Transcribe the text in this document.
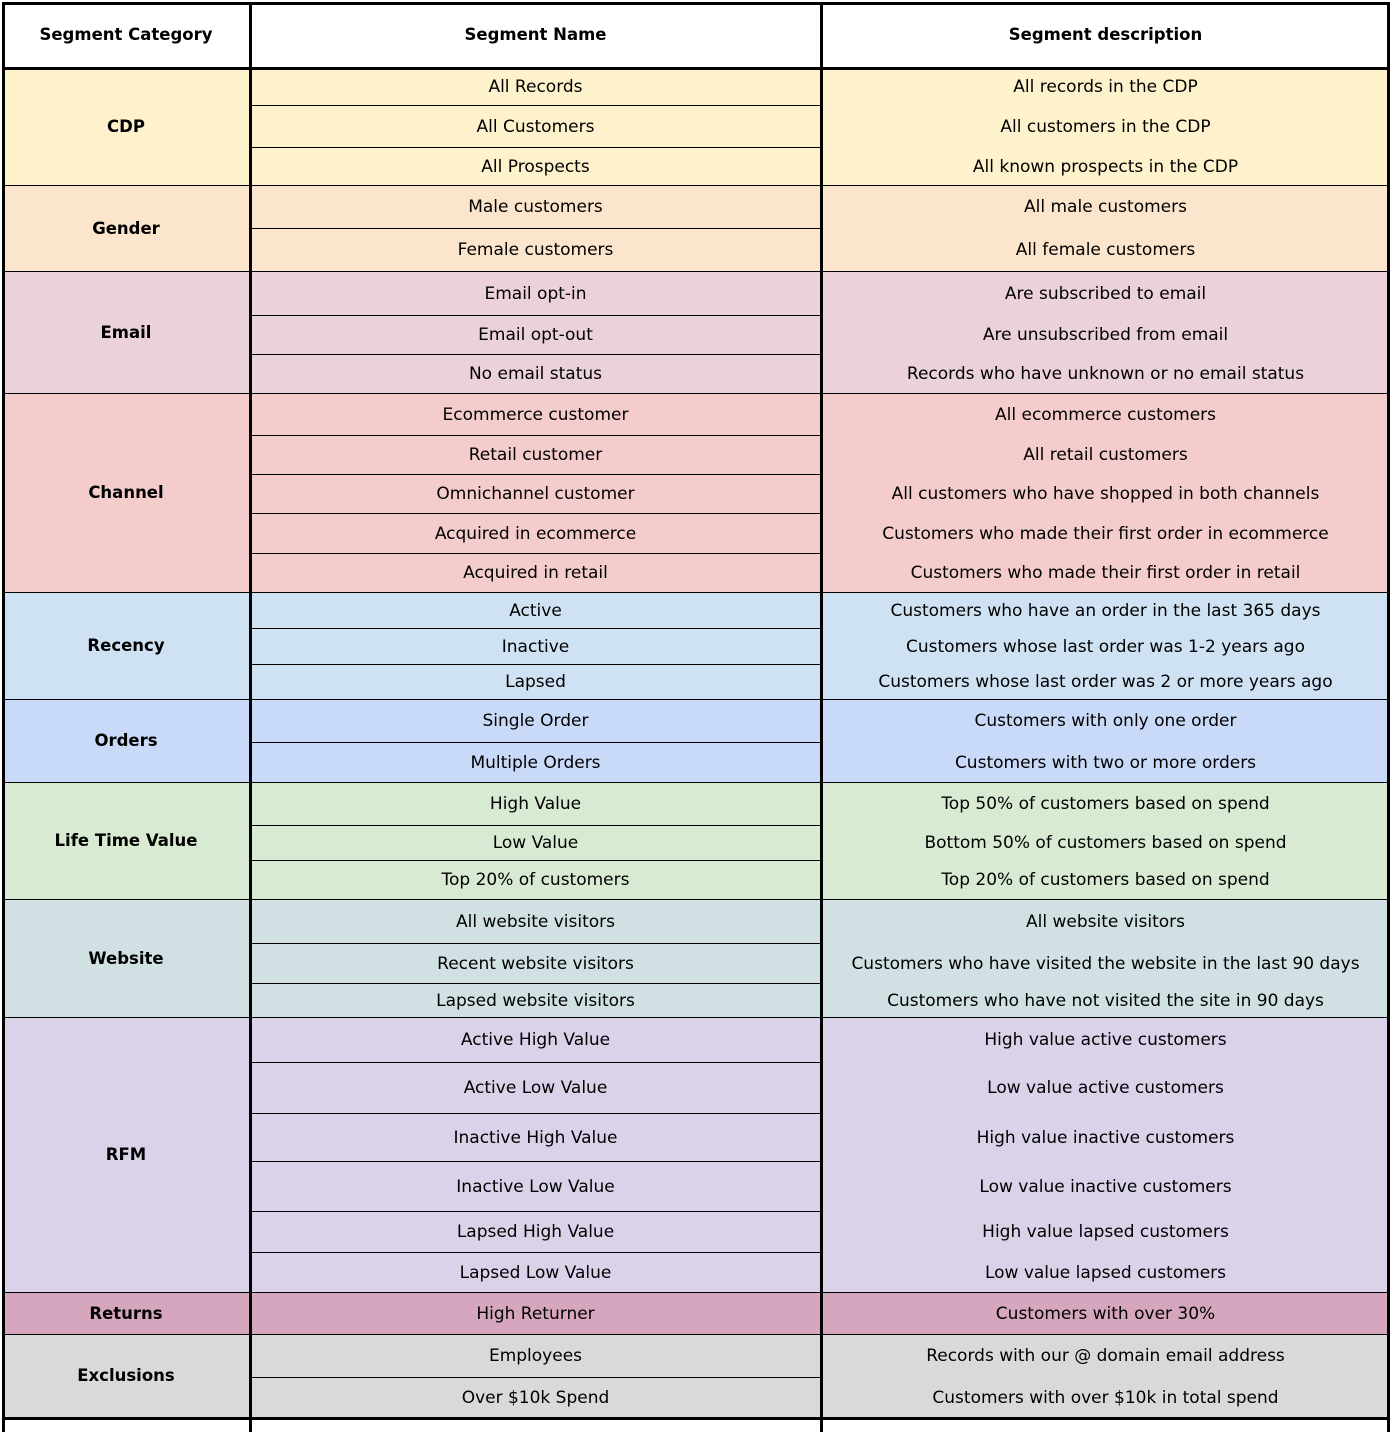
Segment Category	Segment Name	Segment description
CDP
All Records	All records in the CDP
All Customers	All customers in the CDP
All Prospects	All known prospects in the CDP
Gender
Male customers	All male customers
Female customers	All female customers
Email
Email opt-in	Are subscribed to email
Email opt-out	Are unsubscribed from email
No email status	Records who have unknown or no email status
Channel
Ecommerce customer	All ecommerce customers
Retail customer	All retail customers
Omnichannel customer	All customers who have shopped in both channels
Acquired in ecommerce	Customers who made their first order in ecommerce
Acquired in retail	Customers who made their first order in retail
Recency
Active	Customers who have an order in the last 365 days
Inactive	Customers whose last order was 1-2 years ago
Lapsed	Customers whose last order was 2 or more years ago
Orders
Single Order	Customers with only one order
Multiple Orders	Customers with two or more orders
Life Time Value
High Value	Top 50% of customers based on spend
Low Value	Bottom 50% of customers based on spend
Top 20% of customers	Top 20% of customers based on spend
Website
All website visitors	All website visitors
Recent website visitors	Customers who have visited the website in the last 90 days
Lapsed website visitors	Customers who have not visited the site in 90 days
RFM
Active High Value	High value active customers
Active Low Value	Low value active customers
Inactive High Value	High value inactive customers
Inactive Low Value	Low value inactive customers
Lapsed High Value	High value lapsed customers
Lapsed Low Value	Low value lapsed customers
Returns	High Returner	Customers with over 30%
Exclusions
Employees	Records with our @ domain email address
Over $10k Spend	Customers with over $10k in total spend
